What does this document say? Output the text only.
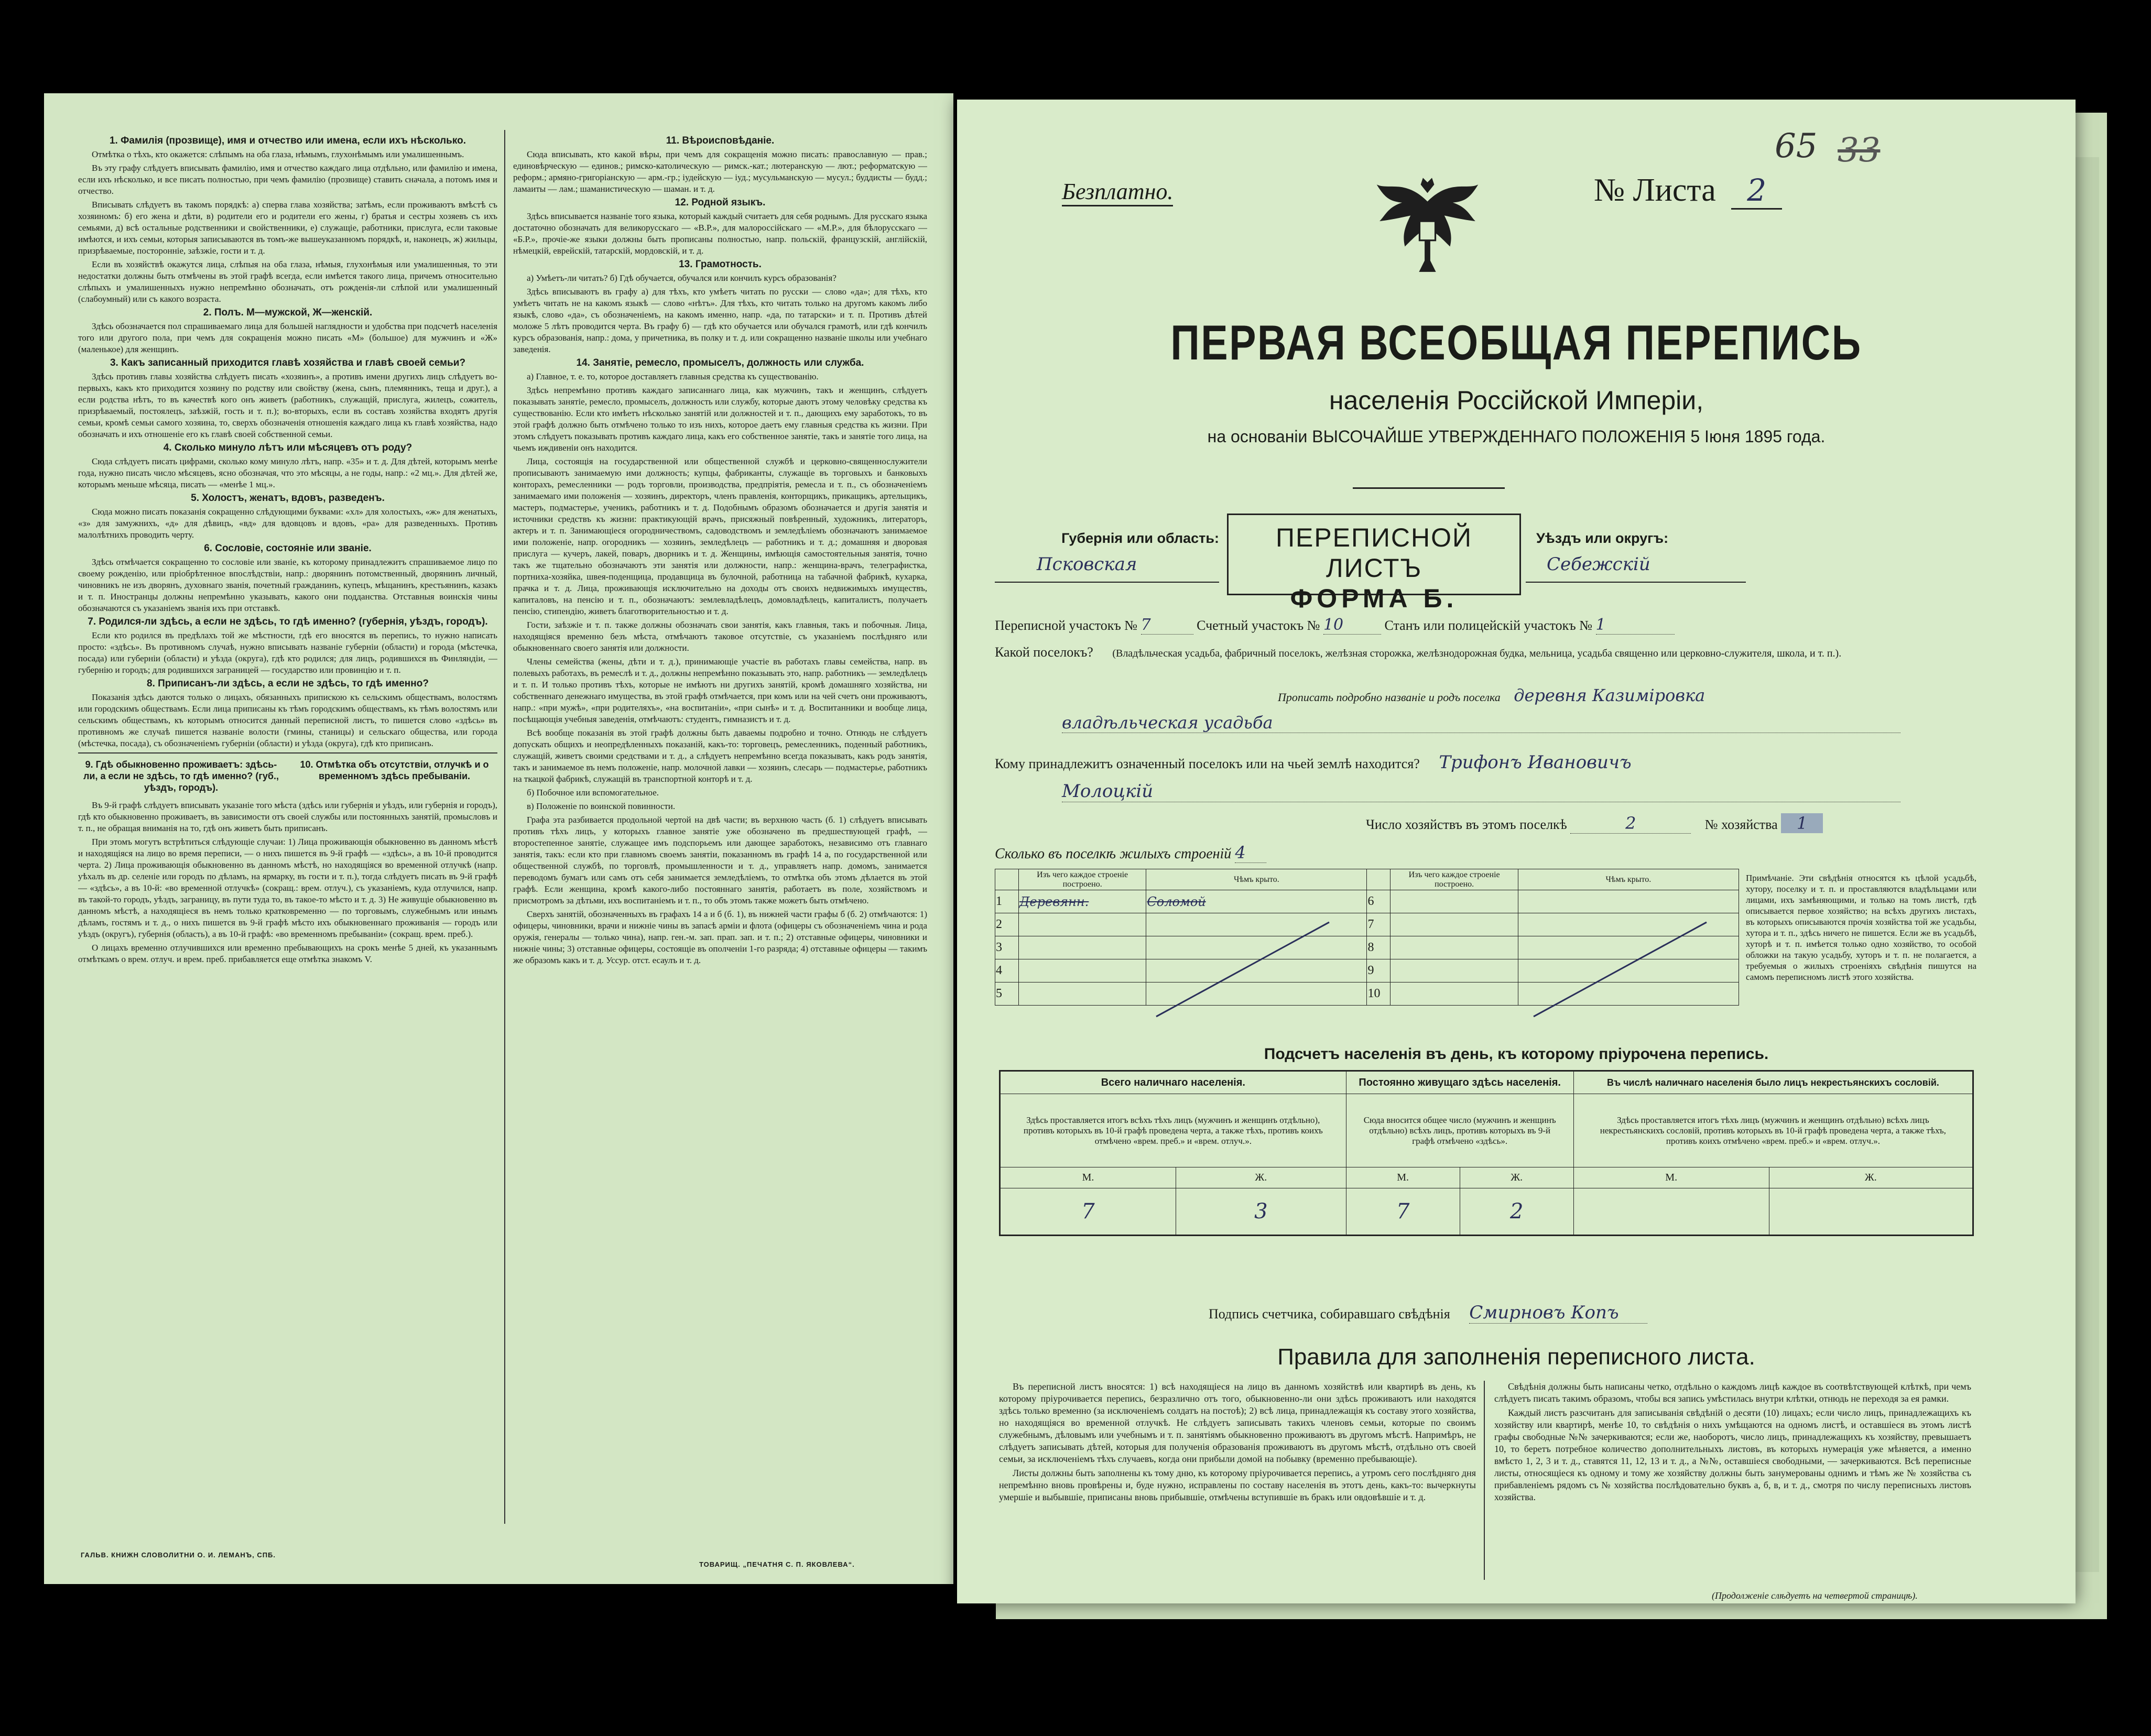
1. Фамилія (прозвище), имя и отчество или имена, если ихъ нѣсколько.

Отмѣтка о тѣхъ, кто окажется: слѣпымъ на оба глаза, нѣмымъ, глухонѣмымъ или умалишеннымъ.

Въ эту графу слѣдуетъ вписывать фамилію, имя и отчество каждаго лица отдѣльно, или фамилію и имена, если ихъ нѣсколько, и все писать полностью, при чемъ фамилію (прозвище) ставить сначала, а потомъ имя и отчество.

Вписывать слѣдуетъ въ такомъ порядкѣ: а) сперва глава хозяйства; затѣмъ, если проживаютъ вмѣстѣ съ хозяиномъ: б) его жена и дѣти, в) родители его и родители его жены, г) братья и сестры хозяевъ съ ихъ семьями, д) всѣ остальные родственники и свойственники, е) служащіе, работники, прислуга, если таковые имѣются, и ихъ семьи, которыя записываются въ томъ-же вышеуказанномъ порядкѣ, и, наконецъ, ж) жильцы, призрѣваемые, посторонніе, заѣзжіе, гости и т. д.

Если въ хозяйствѣ окажутся лица, слѣпыя на оба глаза, нѣмыя, глухонѣмыя или умалишенныя, то эти недостатки должны быть отмѣчены въ этой графѣ всегда, если имѣется такого лица, причемъ относительно слѣпыхъ и умалишенныхъ нужно непремѣнно обозначать, отъ рожденія-ли слѣпой или умалишенный (слабоумный) или съ какого возраста.

2. Полъ. М—мужской, Ж—женскій.

Здѣсь обозначается пол спрашиваемаго лица для большей наглядности и удобства при подсчетѣ населенія того или другого пола, при чемъ для сокращенія можно писать «М» (большое) для мужчинъ и «Ж» (маленькое) для женщинъ.

3. Какъ записанный приходится главѣ хозяйства и главѣ своей семьи?

Здѣсь противъ главы хозяйства слѣдуетъ писать «хозяинъ», а противъ имени другихъ лицъ слѣдуетъ во-первыхъ, какъ кто приходится хозяину по родству или свойству (жена, сынъ, племянникъ, теща и друг.), а если родства нѣтъ, то въ качествѣ кого онъ живетъ (работникъ, служащій, прислуга, жилецъ, сожитель, призрѣваемый, постоялецъ, заѣзжій, гость и т. п.); во-вторыхъ, если въ составъ хозяйства входятъ другія семьи, кромѣ семьи самого хозяина, то, сверхъ обозначенія отношенія каждаго лица къ главѣ хозяйства, надо обозначать и ихъ отношеніе его къ главѣ своей собственной семьи.

4. Сколько минуло лѣтъ или мѣсяцевъ отъ роду?

Сюда слѣдуетъ писать цифрами, сколько кому минуло лѣтъ, напр. «35» и т. д. Для дѣтей, которымъ менѣе года, нужно писать число мѣсяцевъ, ясно обозначая, что это мѣсяцы, а не годы, напр.: «2 мц.». Для дѣтей же, которымъ меньше мѣсяца, писать — «менѣе 1 мц.».

5. Холостъ, женатъ, вдовъ, разведенъ.

Сюда можно писать показанія сокращенно слѣдующими буквами: «хл» для холостыхъ, «ж» для женатыхъ, «з» для замужнихъ, «д» для дѣвицъ, «вд» для вдовцовъ и вдовъ, «ра» для разведенныхъ. Противъ малолѣтнихъ проводить черту.

6. Сословіе, состояніе или званіе.

Здѣсь отмѣчается сокращенно то сословіе или званіе, къ которому принадлежитъ спрашиваемое лицо по своему рожденію, или пріобрѣтенное впослѣдствіи, напр.: дворянинъ потомственный, дворянинъ личный, чиновникъ не изъ дворянъ, духовнаго званія, почетный гражданинъ, купецъ, мѣщанинъ, крестьянинъ, казакъ и т. п. Иностранцы должны непремѣнно указывать, какого они подданства. Отставныя воинскія чины обозначаются съ указаніемъ званія ихъ при отставкѣ.

7. Родился-ли здѣсь, а если не здѣсь, то гдѣ именно? (губернія, уѣздъ, городъ).

Если кто родился въ предѣлахъ той же мѣстности, гдѣ его вносятся въ перепись, то нужно написать просто: «здѣсь». Въ противномъ случаѣ, нужно вписывать названіе губерніи (области) и города (мѣстечка, посада) или губерніи (области) и уѣзда (округа), гдѣ кто родился; для лицъ, родившихся въ Финляндіи, — губернію и городъ; для родившихся заграницей — государство или провинцію и т. п.

8. Приписанъ-ли здѣсь, а если не здѣсь, то гдѣ именно?

Показанія здѣсь даются только о лицахъ, обязанныхъ припискою къ сельскимъ обществамъ, волостямъ или городскимъ обществамъ. Если лица приписаны къ тѣмъ городскимъ обществамъ, къ тѣмъ волостямъ или сельскимъ обществамъ, къ которымъ относится данный переписной листъ, то пишется слово «здѣсь» въ противномъ же случаѣ пишется названіе волости (гмины, станицы) и сельскаго общества, или города (мѣстечка, посада), съ обозначеніемъ губерніи (области) и уѣзда (округа), гдѣ кто приписанъ.

9. Гдѣ обыкновенно проживаетъ: здѣсь-ли, а если не здѣсь, то гдѣ именно? (губ., уѣздъ, городъ).
10. Отмѣтка объ отсутствіи, отлучкѣ и о временномъ здѣсь пребываніи.

Въ 9-й графѣ слѣдуетъ вписывать указаніе того мѣста (здѣсь или губернія и уѣздъ, или губернія и городъ), гдѣ кто обыкновенно проживаетъ, въ зависимости отъ своей службы или постоянныхъ занятій, промысловъ и т. п., не обращая вниманія на то, гдѣ онъ живетъ быть приписанъ.

При этомъ могутъ встрѣтиться слѣдующіе случаи: 1) Лица проживающія обыкновенно въ данномъ мѣстѣ и находящіяся на лицо во время переписи, — о нихъ пишется въ 9-й графѣ — «здѣсь», а въ 10-й проводится черта. 2) Лица проживающія обыкновенно въ данномъ мѣстѣ, но находящіяся во временной отлучкѣ (напр. уѣхалъ въ др. селеніе или городъ по дѣламъ, на ярмарку, въ гости и т. п.), тогда слѣдуетъ писать въ 9-й графѣ — «здѣсь», а въ 10-й: «во временной отлучкѣ» (сокращ.: врем. отлуч.), съ указаніемъ, куда отлучился, напр. въ такой-то городъ, уѣздъ, заграницу, въ пути туда то, въ такое-то мѣсто и т. д. 3) Не живущіе обыкновенно въ данномъ мѣстѣ, а находящіеся въ немъ только кратковременно — по торговымъ, служебнымъ или инымъ дѣламъ, гостямъ и т. д., о нихъ пишется въ 9-й графѣ мѣсто ихъ обыкновеннаго проживанія — городъ или уѣздъ (округъ), губернія (область), а въ 10-й графѣ: «во временномъ пребываніи» (сокращ. врем. преб.).

О лицахъ временно отлучившихся или временно пребывающихъ на срокъ менѣе 5 дней, къ указаннымъ отмѣткамъ о врем. отлуч. и врем. преб. прибавляется еще отмѣтка знакомъ V.

11. Вѣроисповѣданіе.

Сюда вписывать, кто какой вѣры, при чемъ для сокращенія можно писать: православную — прав.; единовѣрческую — единов.; римско-католическую — римск.-кат.; лютеранскую — лют.; реформатскую — реформ.; армяно-григоріанскую — арм.-гр.; іудейскую — іуд.; мусульманскую — мусул.; буддисты — будд.; ламаиты — лам.; шаманистическую — шаман. и т. д.

12. Родной языкъ.

Здѣсь вписывается названіе того языка, который каждый считаетъ для себя роднымъ. Для русскаго языка достаточно обозначать для великорусскаго — «В.Р.», для малороссійскаго — «М.Р.», для бѣлорусскаго — «Б.Р.», прочіе-же языки должны быть прописаны полностью, напр. польскій, французскій, англійскій, нѣмецкій, еврейскій, татарскій, мордовскій, и т. д.

13. Грамотность.

а) Умѣетъ-ли читать? б) Гдѣ обучается, обучался или кончилъ курсъ образованія?

Здѣсь вписываютъ въ графу а) для тѣхъ, кто умѣетъ читать по русски — слово «да»; для тѣхъ, кто умѣетъ читать не на какомъ языкѣ — слово «нѣтъ». Для тѣхъ, кто читать только на другомъ какомъ либо языкѣ, слово «да», съ обозначеніемъ, на какомъ именно, напр. «да, по татарски» и т. п. Противъ дѣтей моложе 5 лѣтъ проводится черта. Въ графу б) — гдѣ кто обучается или обучался грамотѣ, или гдѣ кончилъ курсъ образованія, напр.: дома, у причетника, въ полку и т. д. или сокращенно названіе школы или учебнаго заведенія.

14. Занятіе, ремесло, промыселъ, должность или служба.

а) Главное, т. е. то, которое доставляетъ главныя средства къ существованію.

Здѣсь непремѣнно противъ каждаго записаннаго лица, как мужчинъ, такъ и женщинъ, слѣдуетъ показывать занятіе, ремесло, промыселъ, должность или службу, которые даютъ этому человѣку средства къ существованію. Если кто имѣетъ нѣсколько занятій или должностей и т. п., дающихъ ему заработокъ, то въ этой графѣ должно быть отмѣчено только то изъ нихъ, которое даетъ ему главныя средства къ жизни. При этомъ слѣдуетъ показывать противъ каждаго лица, какъ его собственное занятіе, такъ и занятіе того лица, на чьемъ иждивеніи онъ находится.

Лица, состоящія на государственной или общественной службѣ и церковно-священнослужители прописываютъ занимаемую ими должность; купцы, фабриканты, служащіе въ торговыхъ и банковыхъ конторахъ, ремесленники — родъ торговли, производства, предпріятія, ремесла и т. п., съ обозначеніемъ занимаемаго ими положенія — хозяинъ, директоръ, членъ правленія, конторщикъ, прикащикъ, артельщикъ, мастеръ, подмастерье, ученикъ, работникъ и т. д. Подобнымъ образомъ обозначается и другія занятія и источники средствъ къ жизни: практикующій врачъ, присяжный повѣренный, художникъ, литераторъ, актеръ и т. п. Занимающіеся огородничествомъ, садоводствомъ и земледѣліемъ обозначаютъ занимаемое ими положеніе, напр. огородникъ — хозяинъ, земледѣлецъ — работникъ и т. д.; домашняя и дворовая прислуга — кучеръ, лакей, поваръ, дворникъ и т. д. Женщины, имѣющія самостоятельныя занятія, точно такъ же тщательно обозначаютъ эти занятія или должности, напр.: женщина-врачъ, телеграфистка, портниха-хозяйка, швея-поденщица, продавщица въ булочной, работница на табачной фабрикѣ, кухарка, прачка и т. д. Лица, проживающія исключительно на доходы отъ своихъ недвижимыхъ имуществъ, капиталовъ, на пенсію и т. п., обозначаютъ: землевладѣлецъ, домовладѣлецъ, капиталистъ, получаетъ пенсію, стипендію, живетъ благотворительностью и т. д.

Гости, заѣзжіе и т. п. также должны обозначать свои занятія, какъ главныя, такъ и побочныя. Лица, находящіяся временно безъ мѣста, отмѣчаютъ таковое отсутствіе, съ указаніемъ послѣдняго или обыкновеннаго своего занятія или должности.

Члены семейства (жены, дѣти и т. д.), принимающіе участіе въ работахъ главы семейства, напр. въ полевыхъ работахъ, въ ремеслѣ и т. д., должны непремѣнно показывать это, напр. работникъ — земледѣлецъ и т. п. И только противъ тѣхъ, которые не имѣютъ ни другихъ занятій, кромѣ домашняго хозяйства, ни собственнаго денежнаго имущества, въ этой графѣ отмѣчается, при комъ или на чей счетъ они проживаютъ, напр.: «при мужѣ», «при родителяхъ», «на воспитаніи», «при сынѣ» и т. д. Воспитанники и вообще лица, посѣщающія учебныя заведенія, отмѣчаютъ: студентъ, гимназистъ и т. д.

Всѣ вообще показанія въ этой графѣ должны быть даваемы подробно и точно. Отнюдь не слѣдуетъ допускать общихъ и неопредѣленныхъ показаній, какъ-то: торговецъ, ремесленникъ, поденный работникъ, служащій, живетъ своими средствами и т. д., а слѣдуетъ непремѣнно всегда показывать, какъ родъ занятія, такъ и занимаемое въ немъ положеніе, напр. молочной лавки — хозяинъ, слесарь — подмастерье, работникъ на ткацкой фабрикѣ, служащій въ транспортной конторѣ и т. д.

б) Побочное или вспомогательное.

в) Положеніе по воинской повинности.

Графа эта разбивается продольной чертой на двѣ части; въ верхнюю часть (б. 1) слѣдуетъ вписывать противъ тѣхъ лицъ, у которыхъ главное занятіе уже обозначено въ предшествующей графѣ, — второстепенное занятіе, служащее имъ подспорьемъ или дающее заработокъ, независимо отъ главнаго занятія, такъ: если кто при главномъ своемъ занятіи, показанномъ въ графѣ 14 а, по государственной или общественной службѣ, по торговлѣ, промышленности и т. д., управляетъ напр. домомъ, занимается переводомъ бумагъ или самъ отъ себя занимается земледѣліемъ, то отмѣтка объ этомъ дѣлается въ этой графѣ. Если женщина, кромѣ какого-либо постояннаго занятія, работаетъ въ поле, хозяйствомъ и присмотромъ за дѣтьми, ихъ воспитаніемъ и т. п., то объ этомъ также можетъ быть отмѣчено.

Сверхъ занятій, обозначенныхъ въ графахъ 14 а и б (б. 1), въ нижней части графы б (б. 2) отмѣчаются: 1) офицеры, чиновники, врачи и нижніе чины въ запасѣ арміи и флота (офицеры съ обозначеніемъ чина и рода оружія, генералы — только чина), напр. ген.-м. зап. прап. зап. и т. п.; 2) отставные офицеры, чиновники и нижніе чины; 3) отставные офицеры, состоящіе въ ополченіи 1-го разряда; 4) отставные офицеры — такимъ же образомъ какъ и т. д. Уссур. отст. есаулъ и т. д.

ГАЛЬВ. КНИЖН СЛОВОЛИТНИ О. И. ЛЕМАНЪ, СПБ.
ТОВАРИЩ. „ПЕЧАТНЯ С. П. ЯКОВЛЕВА“.
65 33
Безплатно.	№ Листа 2
ПЕРВАЯ ВСЕОБЩАЯ ПЕРЕПИСЬ
населенія Россійской Имперіи,
на основаніи ВЫСОЧАЙШЕ УТВЕРЖДЕННАГО ПОЛОЖЕНІЯ 5 Іюня 1895 года.
Губернія или область:
Псковская
ПЕРЕПИСНОЙ ЛИСТЪ
ФОРМА Б.
Уѣздъ или округъ:
Себежскій
Переписной участокъ № 7	Счетный участокъ № 10	Станъ или полицейскій участокъ № 1
Какой поселокъ? (Владѣльческая усадьба, фабричный поселокъ, желѣзная сторожка, желѣзнодорожная будка, мельница, усадьба священно или церковно-служителя, школа, и т. п.).
Прописать подробно названіе и родъ поселка деревня Казиміровка
владѣльческая усадьба
Кому принадлежитъ означенный поселокъ или на чьей землѣ находится? Трифонъ Ивановичъ
Молоцкій
Число хозяйствъ въ этомъ поселкѣ	2	№ хозяйства 1
Сколько въ поселкѣ жилыхъ строеній 4
	Изъ чего каждое строеніе построено.	Чѣмъ крыто.		Изъ чего каждое строеніе построено.	Чѣмъ крыто.
1	Деревянн.	Соломой	6		
2			7		
3			8		
4			9		
5			10		
Примѣчаніе. Эти свѣдѣнія относятся къ цѣлой усадьбѣ, хутору, поселку и т. п. и проставляются владѣльцами или лицами, ихъ замѣняющими, и только на томъ листѣ, гдѣ описывается первое хозяйство; на всѣхъ другихъ листахъ, въ которыхъ описываются прочія хозяйства той же усадьбы, хутора и т. п., здѣсь ничего не пишется. Если же въ усадьбѣ, хуторѣ и т. п. имѣется только одно хозяйство, то особой обложки на такую усадьбу, хуторъ и т. п. не полагается, а требуемыя о жилыхъ строеніяхъ свѣдѣнія пишутся на самомъ переписномъ листѣ этого хозяйства.
Подсчетъ населенія въ день, къ которому пріурочена перепись.
Всего наличнаго населенія.		Постоянно живущаго здѣсь населенія.		Въ числѣ наличнаго населенія было лицъ некрестьянскихъ сословій.	
Здѣсь проставляется итогъ всѣхъ тѣхъ лицъ (мужчинъ и женщинъ отдѣльно), противъ которыхъ въ 10-й графѣ проведена черта, а также тѣхъ, противъ коихъ отмѣчено «врем. преб.» и «врем. отлуч.».		Сюда вносится общее число (мужчинъ и женщинъ отдѣльно) всѣхъ лицъ, противъ которыхъ въ 9-й графѣ отмѣчено «здѣсь».		Здѣсь проставляется итогъ тѣхъ лицъ (мужчинъ и женщинъ отдѣльно) всѣхъ лицъ некрестьянскихъ сословій, противъ которыхъ въ 10-й графѣ проведена черта, а также тѣхъ, противъ коихъ отмѣчено «врем. преб.» и «врем. отлуч.».	
М.	Ж.	М.	Ж.	М.	Ж.
7	3	7	2		
Подпись счетчика, собиравшаго свѣдѣнія Смирновъ Копъ
Правила для заполненія переписного листа.

Въ переписной листъ вносятся: 1) всѣ находящіеся на лицо въ данномъ хозяйствѣ или квартирѣ въ день, къ которому пріурочивается перепись, безразлично отъ того, обыкновенно-ли они здѣсь проживаютъ или находятся здѣсь только временно (за исключеніемъ солдатъ на постоѣ); 2) всѣ лица, принадлежащія къ составу этого хозяйства, но находящіяся во временной отлучкѣ. Не слѣдуетъ записывать такихъ членовъ семьи, которые по своимъ служебнымъ, дѣловымъ или учебнымъ и т. п. занятіямъ обыкновенно проживаютъ въ другомъ мѣстѣ. Напримѣръ, не слѣдуетъ записывать дѣтей, которыя для полученія образованія проживаютъ въ другомъ мѣстѣ, отдѣльно отъ своей семьи, за исключеніемъ тѣхъ случаевъ, когда они прибыли домой на побывку (временно пребывающіе).

Листы должны быть заполнены къ тому дню, къ которому пріурочивается перепись, а утромъ сего послѣдняго дня непремѣнно вновь провѣрены и, буде нужно, исправлены по составу населенія въ этотъ день, какъ-то: вычеркнуты умершіе и выбывшіе, приписаны вновь прибывшіе, отмѣчены вступившіе въ бракъ или овдовѣвшіе и т. д.

Свѣдѣнія должны быть написаны четко, отдѣльно о каждомъ лицѣ каждое въ соотвѣтствующей клѣткѣ, при чемъ слѣдуетъ писать такимъ образомъ, чтобы вся запись умѣстилась внутри клѣтки, отнюдь не переходя за ея рамки.

Каждый листъ разсчитанъ для записыванія свѣдѣній о десяти (10) лицахъ; если число лицъ, принадлежащихъ къ хозяйству или квартирѣ, менѣе 10, то свѣдѣнія о нихъ умѣщаются на одномъ листѣ, и оставшіеся въ этомъ листѣ графы свободные №№ зачеркиваются; если же, наоборотъ, число лицъ, принадлежащихъ къ хозяйству, превышаетъ 10, то беретъ потребное количество дополнительныхъ листовъ, въ которыхъ нумерація уже мѣняется, а именно вмѣсто 1, 2, 3 и т. д., ставятся 11, 12, 13 и т. д., а №№, оставшіеся свободными, — зачеркиваются. Всѣ переписные листы, относящіеся къ одному и тому же хозяйству должны быть занумерованы однимъ и тѣмъ же № хозяйства съ прибавленіемъ рядомъ съ № хозяйства послѣдовательно буквъ а, б, в, и т. д., смотря по числу переписныхъ листовъ хозяйства.

(Продолженіе слѣдуетъ на четвертой страницѣ).
